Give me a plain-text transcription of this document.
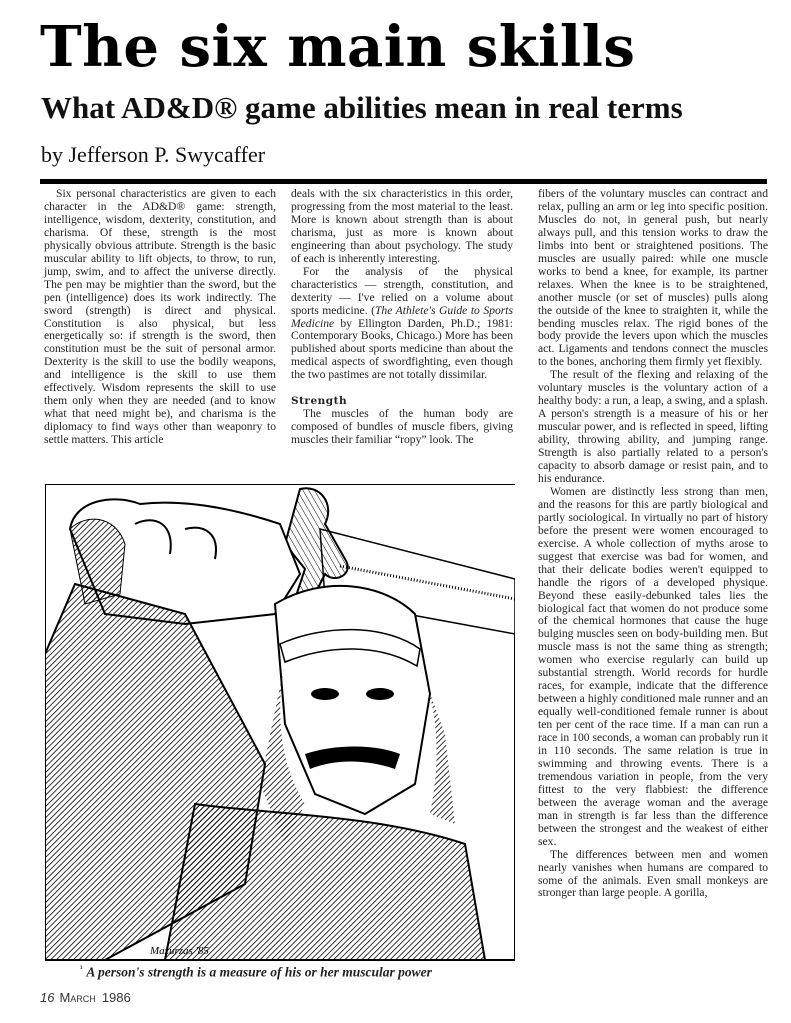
The six main skills
What AD&D® game abilities mean in real terms
by Jefferson P. Swycaffer

Six personal characteristics are given to each character in the AD&D® game: strength, intelligence, wisdom, dexterity, constitution, and charisma. Of these, strength is the most physically obvious attribute. Strength is the basic muscular ability to lift objects, to throw, to run, jump, swim, and to affect the universe directly. The pen may be mightier than the sword, but the pen (intelligence) does its work indirectly. The sword (strength) is direct and physical. Constitution is also physical, but less energetically so: if strength is the sword, then constitution must be the suit of personal armor. Dexterity is the skill to use the bodily weapons, and intelligence is the skill to use them effectively. Wisdom represents the skill to use them only when they are needed (and to know what that need might be), and charisma is the diplomacy to find ways other than weaponry to settle matters. This article

deals with the six characteristics in this order, progressing from the most material to the least. More is known about strength than is about charisma, just as more is known about engineering than about psychology. The study of each is inherently interesting.

For the analysis of the physical characteristics — strength, constitution, and dexterity — I've relied on a volume about sports medicine. (The Athlete's Guide to Sports Medicine by Ellington Darden, Ph.D.; 1981: Contemporary Books, Chicago.) More has been published about sports medicine than about the medical aspects of swordfighting, even though the two pastimes are not totally dissimilar.

Strength

The muscles of the human body are composed of bundles of muscle fibers, giving muscles their familiar “ropy” look. The

fibers of the voluntary muscles can contract and relax, pulling an arm or leg into specific position. Muscles do not, in general push, but nearly always pull, and this tension works to draw the limbs into bent or straightened positions. The muscles are usually paired: while one muscle works to bend a knee, for example, its partner relaxes. When the knee is to be straightened, another muscle (or set of muscles) pulls along the outside of the knee to straighten it, while the bending muscles relax. The rigid bones of the body provide the levers upon which the muscles act. Ligaments and tendons connect the muscles to the bones, anchoring them firmly yet flexibly.

The result of the flexing and relaxing of the voluntary muscles is the voluntary action of a healthy body: a run, a leap, a swing, and a splash. A person's strength is a measure of his or her muscular power, and is reflected in speed, lifting ability, throwing ability, and jumping range. Strength is also partially related to a person's capacity to absorb damage or resist pain, and to his endurance.

Women are distinctly less strong than men, and the reasons for this are partly biological and partly sociological. In virtually no part of history before the present were women encouraged to exercise. A whole collection of myths arose to suggest that exercise was bad for women, and that their delicate bodies weren't equipped to handle the rigors of a developed physique. Beyond these easily-debunked tales lies the biological fact that women do not produce some of the chemical hormones that cause the huge bulging muscles seen on body-building men. But muscle mass is not the same thing as strength; women who exercise regularly can build up substantial strength. World records for hurdle races, for example, indicate that the difference between a highly conditioned male runner and an equally well-conditioned female runner is about ten per cent of the race time. If a man can run a race in 100 seconds, a woman can probably run it in 110 seconds. The same relation is true in swimming and throwing events. There is a tremendous variation in people, from the very fittest to the very flabbiest: the difference between the average woman and the average man in strength is far less than the difference between the strongest and the weakest of either sex.

The differences between men and women nearly vanishes when humans are compared to some of the animals. Even small monkeys are stronger than large people. A gorilla,

Mazurzas '85
$^{^3}$ A person's strength is a measure of his or her muscular power
16 March 1986
